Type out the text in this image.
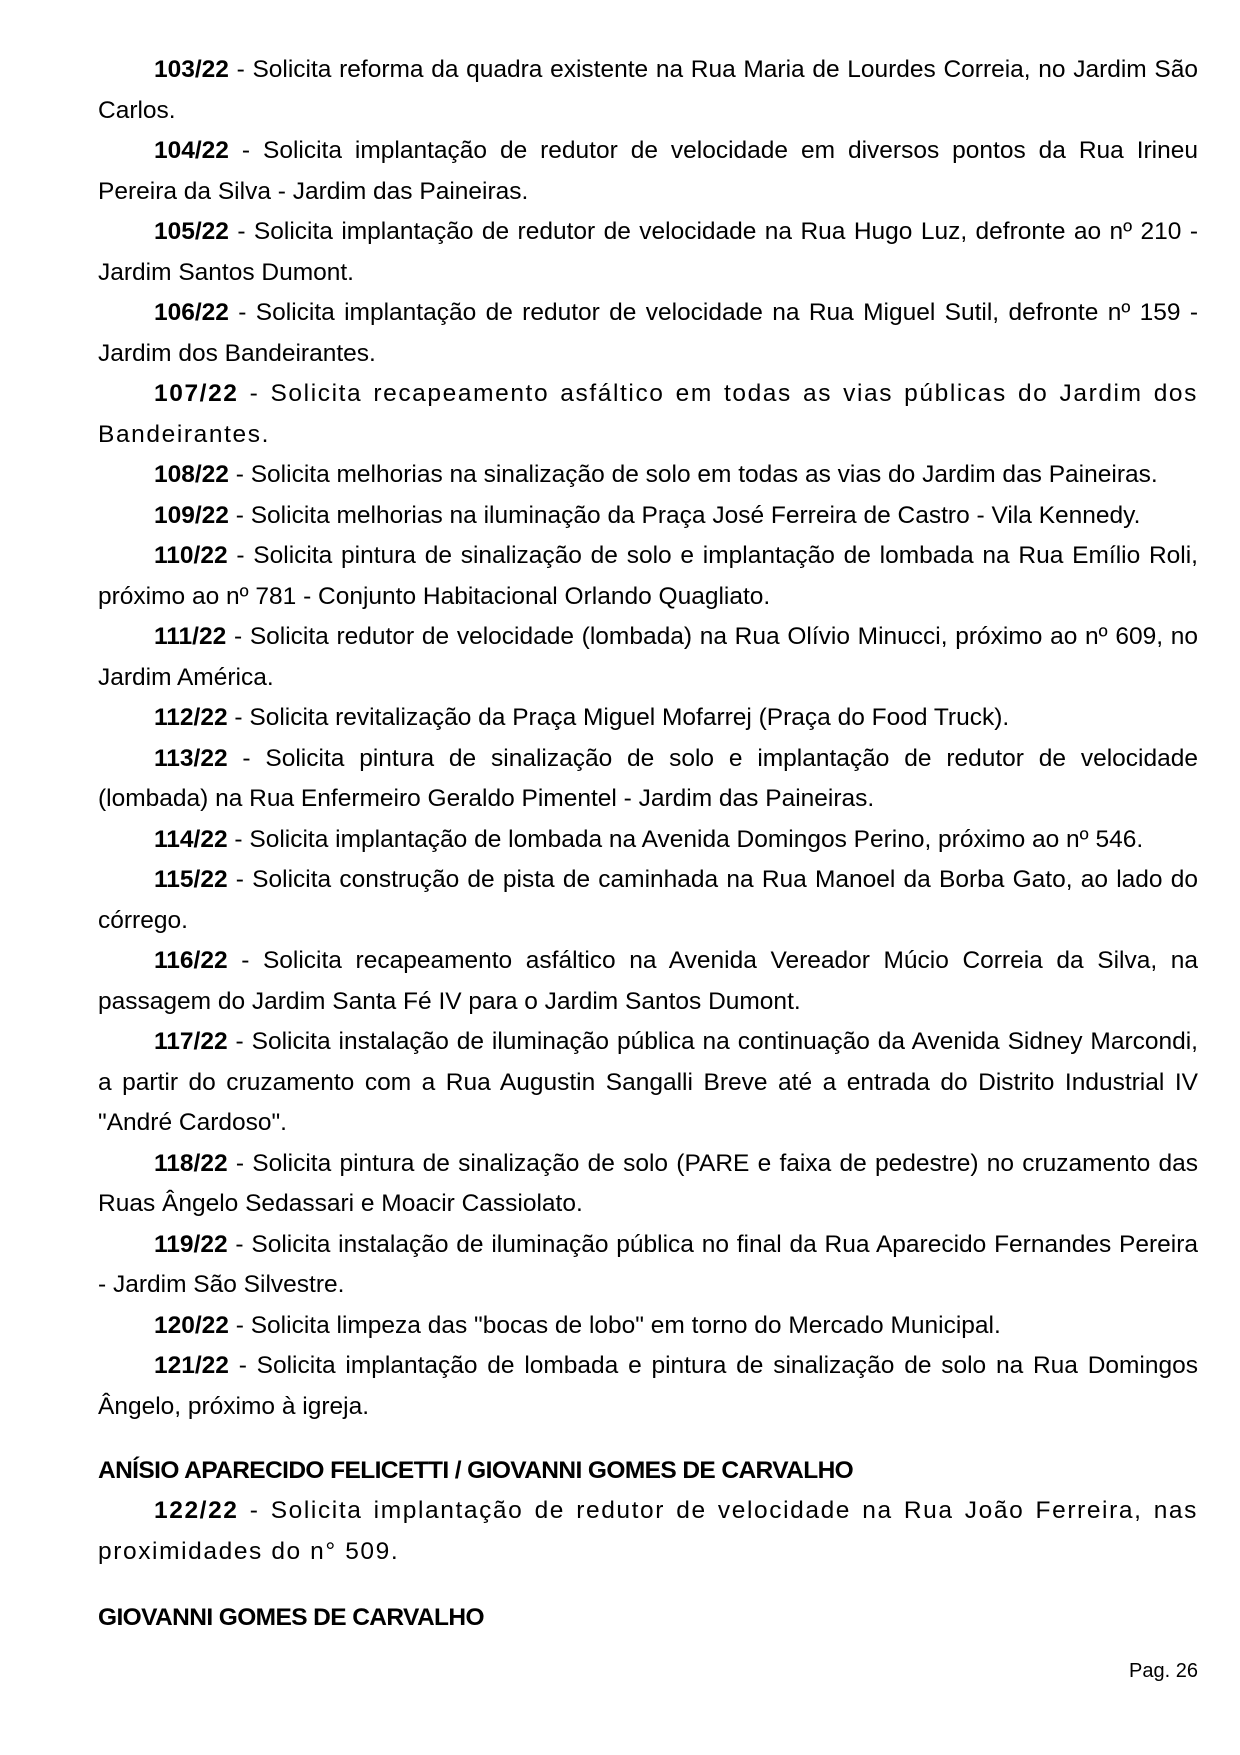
103/22 - Solicita reforma da quadra existente na Rua Maria de Lourdes Correia, no Jardim São Carlos.

104/22 - Solicita implantação de redutor de velocidade em diversos pontos da Rua Irineu Pereira da Silva - Jardim das Paineiras.

105/22 - Solicita implantação de redutor de velocidade na Rua Hugo Luz, defronte ao nº 210 - Jardim Santos Dumont.

106/22 - Solicita implantação de redutor de velocidade na Rua Miguel Sutil, defronte nº 159 - Jardim dos Bandeirantes.

107/22 - Solicita recapeamento asfáltico em todas as vias públicas do Jardim dos Bandeirantes.

108/22 - Solicita melhorias na sinalização de solo em todas as vias do Jardim das Paineiras.

109/22 - Solicita melhorias na iluminação da Praça José Ferreira de Castro - Vila Kennedy.

110/22 - Solicita pintura de sinalização de solo e implantação de lombada na Rua Emílio Roli, próximo ao nº 781 - Conjunto Habitacional Orlando Quagliato.

111/22 - Solicita redutor de velocidade (lombada) na Rua Olívio Minucci, próximo ao nº 609, no Jardim América.

112/22 - Solicita revitalização da Praça Miguel Mofarrej (Praça do Food Truck).

113/22 - Solicita pintura de sinalização de solo e implantação de redutor de velocidade (lombada) na Rua Enfermeiro Geraldo Pimentel - Jardim das Paineiras.

114/22 - Solicita implantação de lombada na Avenida Domingos Perino, próximo ao nº 546.

115/22 - Solicita construção de pista de caminhada na Rua Manoel da Borba Gato, ao lado do córrego.

116/22 - Solicita recapeamento asfáltico na Avenida Vereador Múcio Correia da Silva, na passagem do Jardim Santa Fé IV para o Jardim Santos Dumont.

117/22 - Solicita instalação de iluminação pública na continuação da Avenida Sidney Marcondi, a partir do cruzamento com a Rua Augustin Sangalli Breve até a entrada do Distrito Industrial IV "André Cardoso".

118/22 - Solicita pintura de sinalização de solo (PARE e faixa de pedestre) no cruzamento das Ruas Ângelo Sedassari e Moacir Cassiolato.

119/22 - Solicita instalação de iluminação pública no final da Rua Aparecido Fernandes Pereira - Jardim São Silvestre.

120/22 - Solicita limpeza das "bocas de lobo" em torno do Mercado Municipal.

121/22 - Solicita implantação de lombada e pintura de sinalização de solo na Rua Domingos Ângelo, próximo à igreja.

ANÍSIO APARECIDO FELICETTI / GIOVANNI GOMES DE CARVALHO

122/22 - Solicita implantação de redutor de velocidade na Rua João Ferreira, nas proximidades do n° 509.

GIOVANNI GOMES DE CARVALHO

Pag. 26
